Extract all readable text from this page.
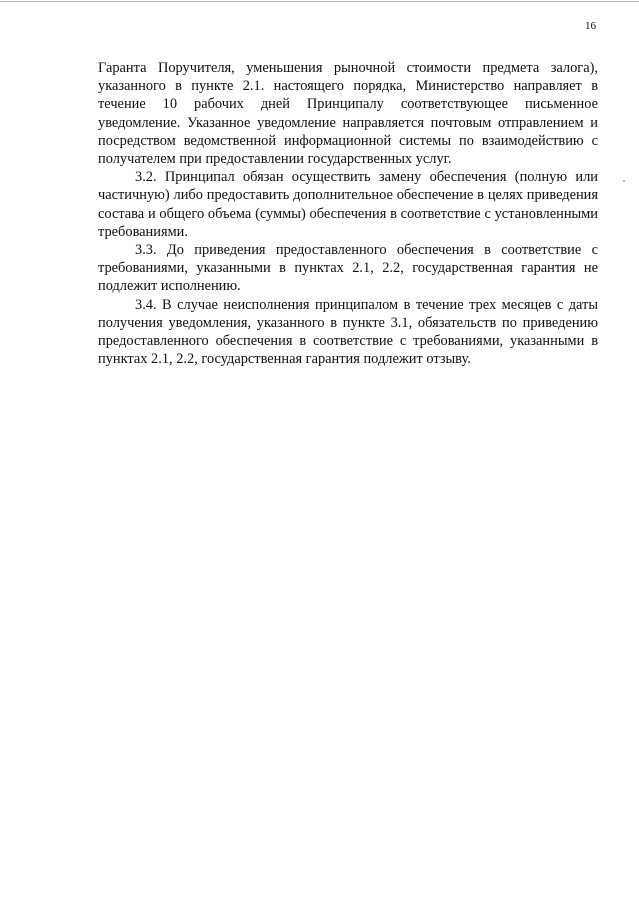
16

Гаранта Поручителя, уменьшения рыночной стоимости предмета залога), указанного в пункте 2.1. настоящего порядка, Министерство направляет в течение 10 рабочих дней Принципалу соответствующее письменное уведомление. Указанное уведомление направляется почтовым отправлением и посредством ведомственной информационной системы по взаимодействию с получателем при предоставлении государственных услуг.

3.2. Принципал обязан осуществить замену обеспечения (полную или частичную) либо предоставить дополнительное обеспечение в целях приведения состава и общего объема (суммы) обеспечения в соответствие с установленными требованиями.

3.3. До приведения предоставленного обеспечения в соответствие с требованиями, указанными в пунктах 2.1, 2.2, государственная гарантия не подлежит исполнению.

3.4. В случае неисполнения принципалом в течение трех месяцев с даты получения уведомления, указанного в пункте 3.1, обязательств по приведению предоставленного обеспечения в соответствие с требованиями, указанными в пунктах 2.1, 2.2, государственная гарантия подлежит отзыву.
